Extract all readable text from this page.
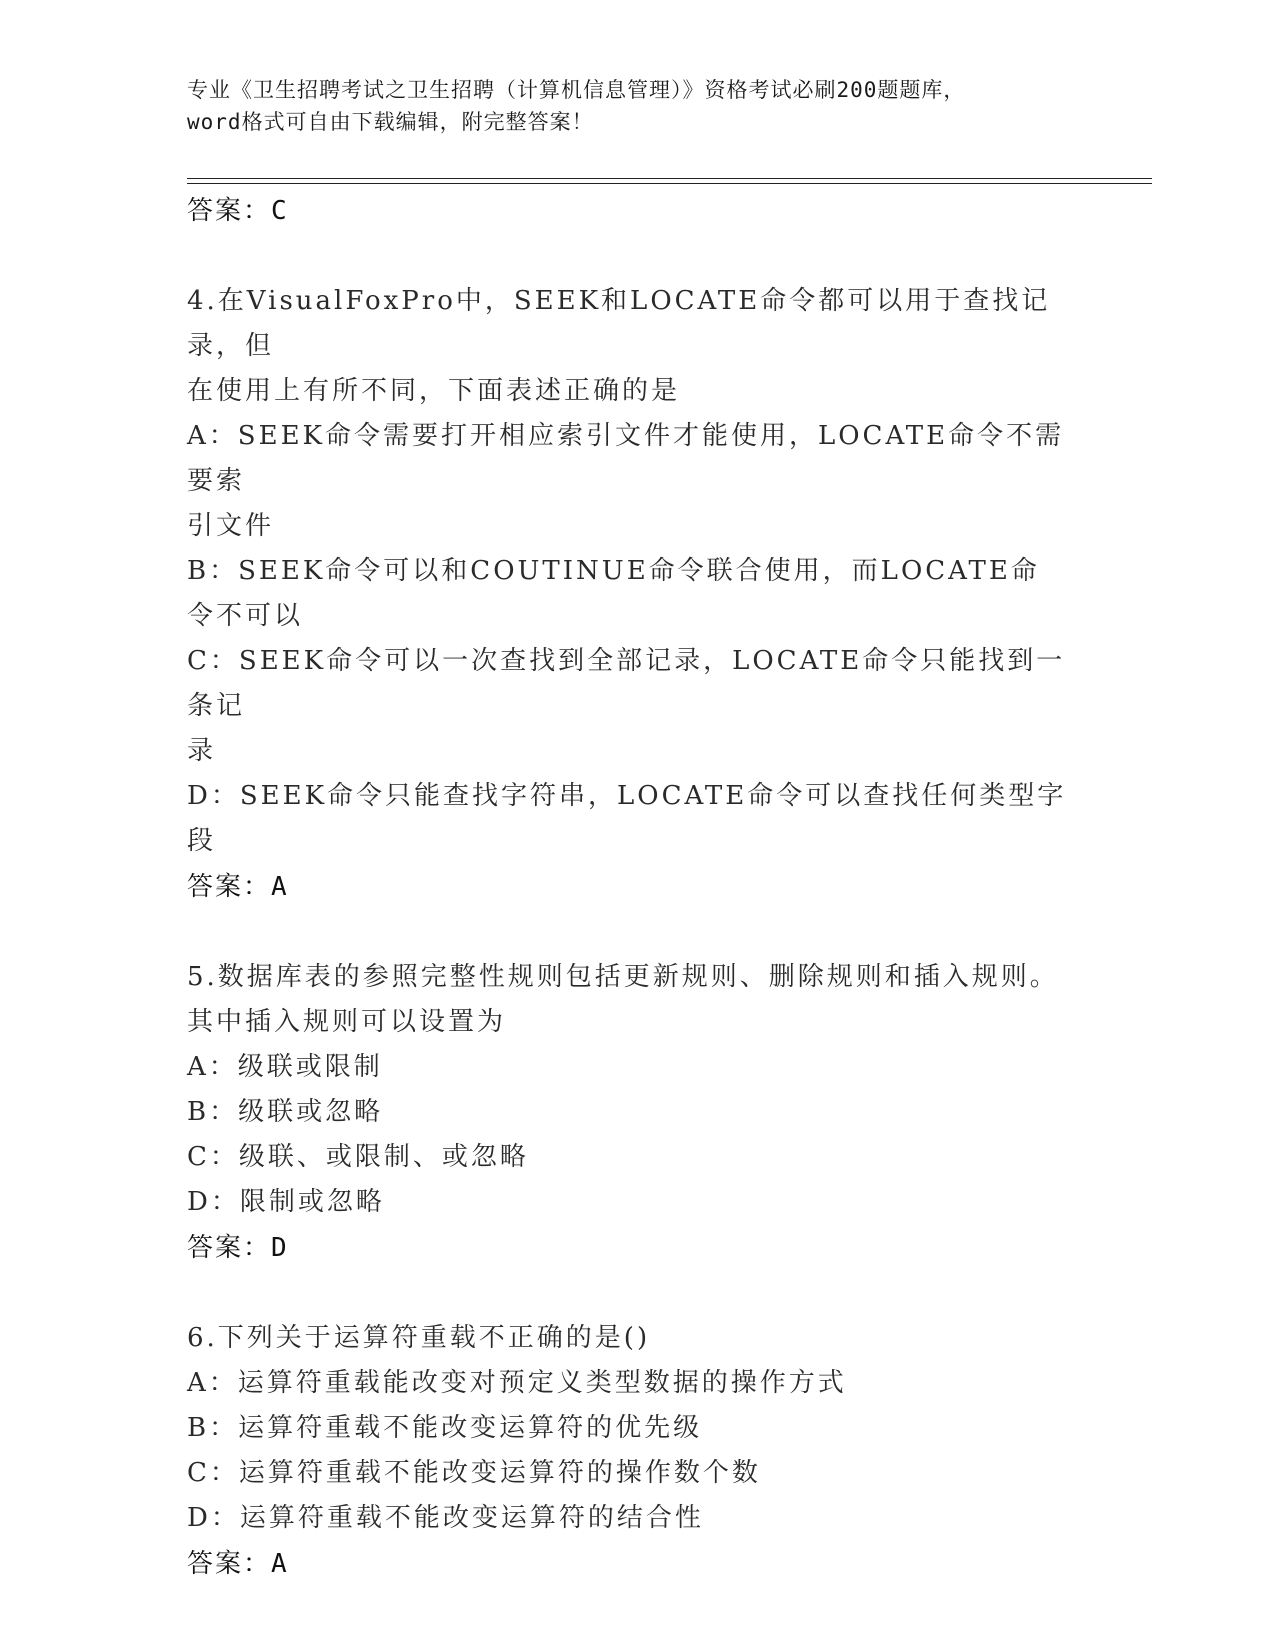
专业《卫生招聘考试之卫生招聘（计算机信息管理）》资格考试必刷200题题库，
word格式可自由下载编辑，附完整答案！
答案：C
4.在VisualFoxPro中，SEEK和LOCATE命令都可以用于查找记录，但
在使用上有所不同，下面表述正确的是
A：SEEK命令需要打开相应索引文件才能使用，LOCATE命令不需要索
引文件
B：SEEK命令可以和COUTINUE命令联合使用，而LOCATE命令不可以
C：SEEK命令可以一次查找到全部记录，LOCATE命令只能找到一条记
录
D：SEEK命令只能查找字符串，LOCATE命令可以查找任何类型字段
答案：A
5.数据库表的参照完整性规则包括更新规则、删除规则和插入规则。
其中插入规则可以设置为
A：级联或限制
B：级联或忽略
C：级联、或限制、或忽略
D：限制或忽略
答案：D
6.下列关于运算符重载不正确的是()
A：运算符重载能改变对预定义类型数据的操作方式
B：运算符重载不能改变运算符的优先级
C：运算符重载不能改变运算符的操作数个数
D：运算符重载不能改变运算符的结合性
答案：A
